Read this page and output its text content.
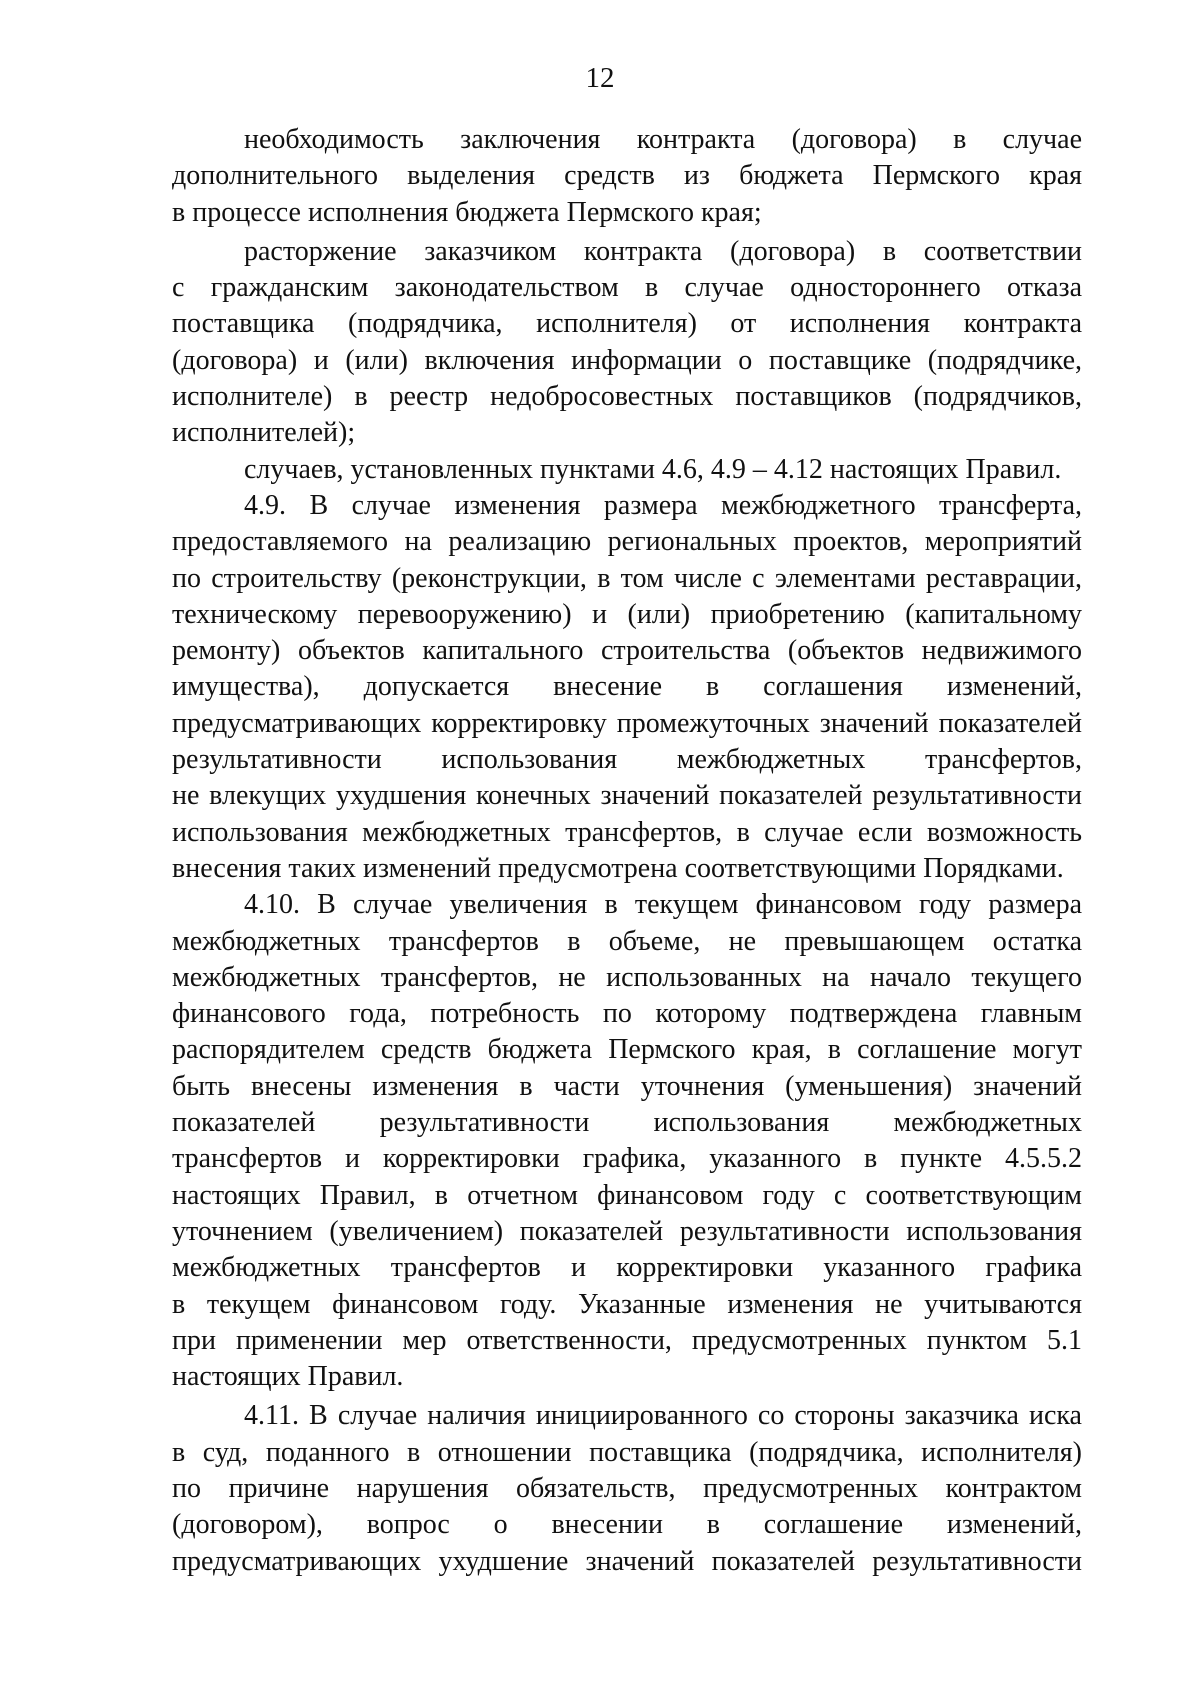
12

необходимость заключения контракта (договора) в случае
дополнительного выделения средств из бюджета Пермского края
в процессе исполнения бюджета Пермского края;

расторжение заказчиком контракта (договора) в соответствии
с гражданским законодательством в случае одностороннего отказа
поставщика (подрядчика, исполнителя) от исполнения контракта
(договора) и (или) включения информации о поставщике (подрядчике,
исполнителе) в реестр недобросовестных поставщиков (подрядчиков,
исполнителей);

случаев, установленных пунктами 4.6, 4.9 – 4.12 настоящих Правил.

4.9. В случае изменения размера межбюджетного трансферта,
предоставляемого на реализацию региональных проектов, мероприятий
по строительству (реконструкции, в том числе с элементами реставрации,
техническому перевооружению) и (или) приобретению (капитальному
ремонту) объектов капитального строительства (объектов недвижимого
имущества), допускается внесение в соглашения изменений,
предусматривающих корректировку промежуточных значений показателей
результативности использования межбюджетных трансфертов,
не влекущих ухудшения конечных значений показателей результативности
использования межбюджетных трансфертов, в случае если возможность
внесения таких изменений предусмотрена соответствующими Порядками.

4.10. В случае увеличения в текущем финансовом году размера
межбюджетных трансфертов в объеме, не превышающем остатка
межбюджетных трансфертов, не использованных на начало текущего
финансового года, потребность по которому подтверждена главным
распорядителем средств бюджета Пермского края, в соглашение могут
быть внесены изменения в части уточнения (уменьшения) значений
показателей результативности использования межбюджетных
трансфертов и корректировки графика, указанного в пункте 4.5.5.2
настоящих Правил, в отчетном финансовом году с соответствующим
уточнением (увеличением) показателей результативности использования
межбюджетных трансфертов и корректировки указанного графика
в текущем финансовом году. Указанные изменения не учитываются
при применении мер ответственности, предусмотренных пунктом 5.1
настоящих Правил.

4.11. В случае наличия инициированного со стороны заказчика иска
в суд, поданного в отношении поставщика (подрядчика, исполнителя)
по причине нарушения обязательств, предусмотренных контрактом
(договором), вопрос о внесении в соглашение изменений,
предусматривающих ухудшение значений показателей результативности
